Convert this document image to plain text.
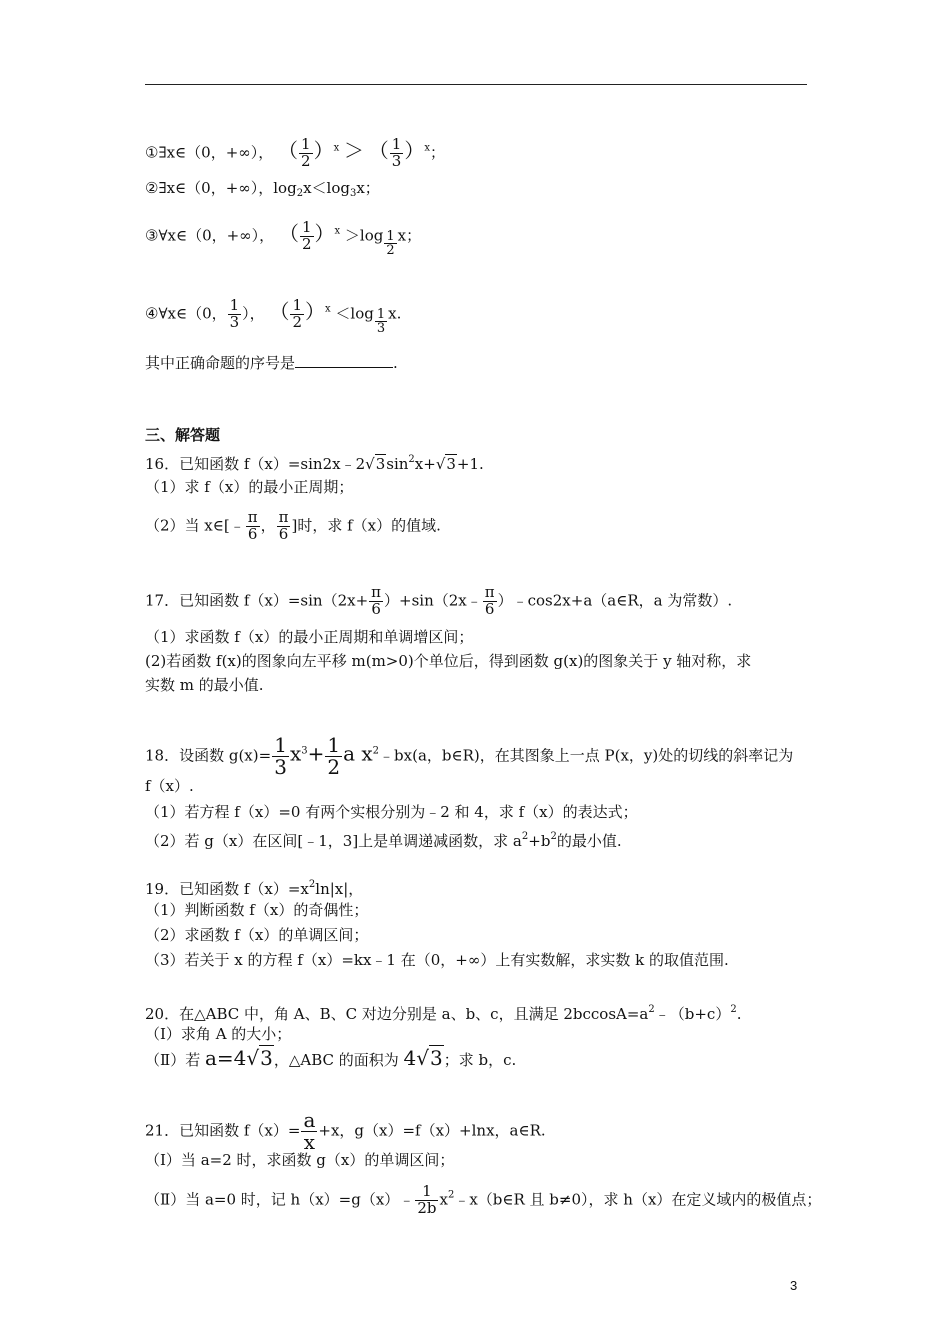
①∃x∈（0，+∞）， （ $\frac{1}{2} )^x$ ＞ （ $\frac{1}{3} )^x$；
②∃x∈（0，+∞），$\log_2x<\log_3x$；
③∀x∈（0，+∞）， （ $\frac{1}{2} )^x >\log \frac{1}{2}$ x；
④∀x∈（0， $\frac{1}{3}$ ）， （ $\frac{1}{2} )^x <\log \frac{1}{3} x$.
其中正确命题的序号是	.
三、解答题
16．已知函数 $f(x)=\sin 2x﹣2√3\sin^2x+√3+1$.
（1）求 f（x）的最小正周期；
（2）当 x∈[﹣ $\frac{\pi}{6}$ ， $\frac{\pi}{6}$ ]时，求 f（x）的值域.
17．已知函数 $f(x)=\sin(2x+ \frac{\pi}{6}$ ）+sin（2x﹣ $\frac{\pi}{6}$ ）﹣cos2x+a（a∈R，a 为常数）.
（1）求函数 f（x）的最小正周期和单调增区间；
(2)若函数 f(x)的图象向左平移 m(m>0)个单位后，得到函数 g(x)的图象关于 y 轴对称，求
实数 m 的最小值.
18．设函数 $g(x)= \frac{1}{3} x^3+ \frac{1}{2}$ a $x^2﹣bx(a$，b∈R)，在其图象上一点 P(x，y)处的切线的斜率记为
f（x）.
（1）若方程 f（x）=0 有两个实根分别为﹣2 和 4，求 f（x）的表达式；
（2）若 g（x）在区间[﹣1，3]上是单调递减函数，求 $a^2+b^2$的最小值.
19．已知函数 $f(x)=x^2\ln|x|$，
（1）判断函数 f（x）的奇偶性；
（2）求函数 f（x）的单调区间；
（3）若关于 x 的方程 f（x）=kx﹣1 在（0，+∞）上有实数解，求实数 k 的取值范围.
20．在△ABC 中，角 A、B、C 对边分别是 a、b、c，且满足 $2bccosA=a^2﹣(b+c)^2$.
（Ⅰ）求角 A 的大小；
（Ⅱ）若 a=4√3，△ABC 的面积为 4√3；求 b，c.
21．已知函数 $f(x)= \frac{a}{x} +x$，g（x）=f（x）+lnx，a∈R.
（Ⅰ）当 a=2 时，求函数 g（x）的单调区间；
（Ⅱ）当 a=0 时，记 h（x）=g（x）﹣ $\frac{1}{2b}$ $x^2﹣x(b\in R$ 且 b≠0），求 h（x）在定义域内的极值点；
3
